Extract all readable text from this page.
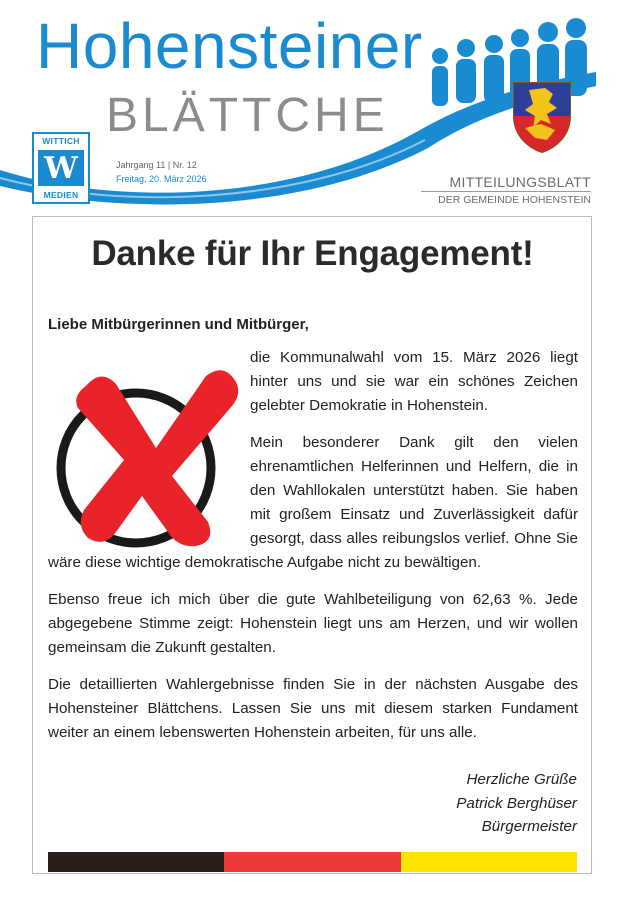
Hohensteiner
BLÄTTCHE
WITTICH
W
MEDIEN
Jahrgang 11 | Nr. 12
Freitag, 20. März 2026	MITTEILUNGSBLATT
DER GEMEINDE HOHENSTEIN
Danke für Ihr Engagement!
Liebe Mitbürgerinnen und Mitbürger,

die Kommunalwahl vom 15. März 2026 liegt hinter uns und sie war ein schönes Zeichen gelebter Demokratie in Hohenstein.

Mein besonderer Dank gilt den vielen ehrenamtlichen Helferinnen und Helfern, die in den Wahllokalen unterstützt haben. Sie haben mit großem Einsatz und Zuverlässigkeit dafür gesorgt, dass alles reibungslos verlief. Ohne Sie wäre diese wichtige demokratische Aufgabe nicht zu bewältigen.

Ebenso freue ich mich über die gute Wahlbeteiligung von 62,63 %. Jede abgegebene Stimme zeigt: Hohenstein liegt uns am Herzen, und wir wollen gemeinsam die Zukunft gestalten.

Die detaillierten Wahlergebnisse finden Sie in der nächsten Ausgabe des Hohensteiner Blättchens. Lassen Sie uns mit diesem starken Fundament weiter an einem lebenswerten Hohenstein arbeiten, für uns alle.

Herzliche Grüße
Patrick Berghüser
Bürgermeister
